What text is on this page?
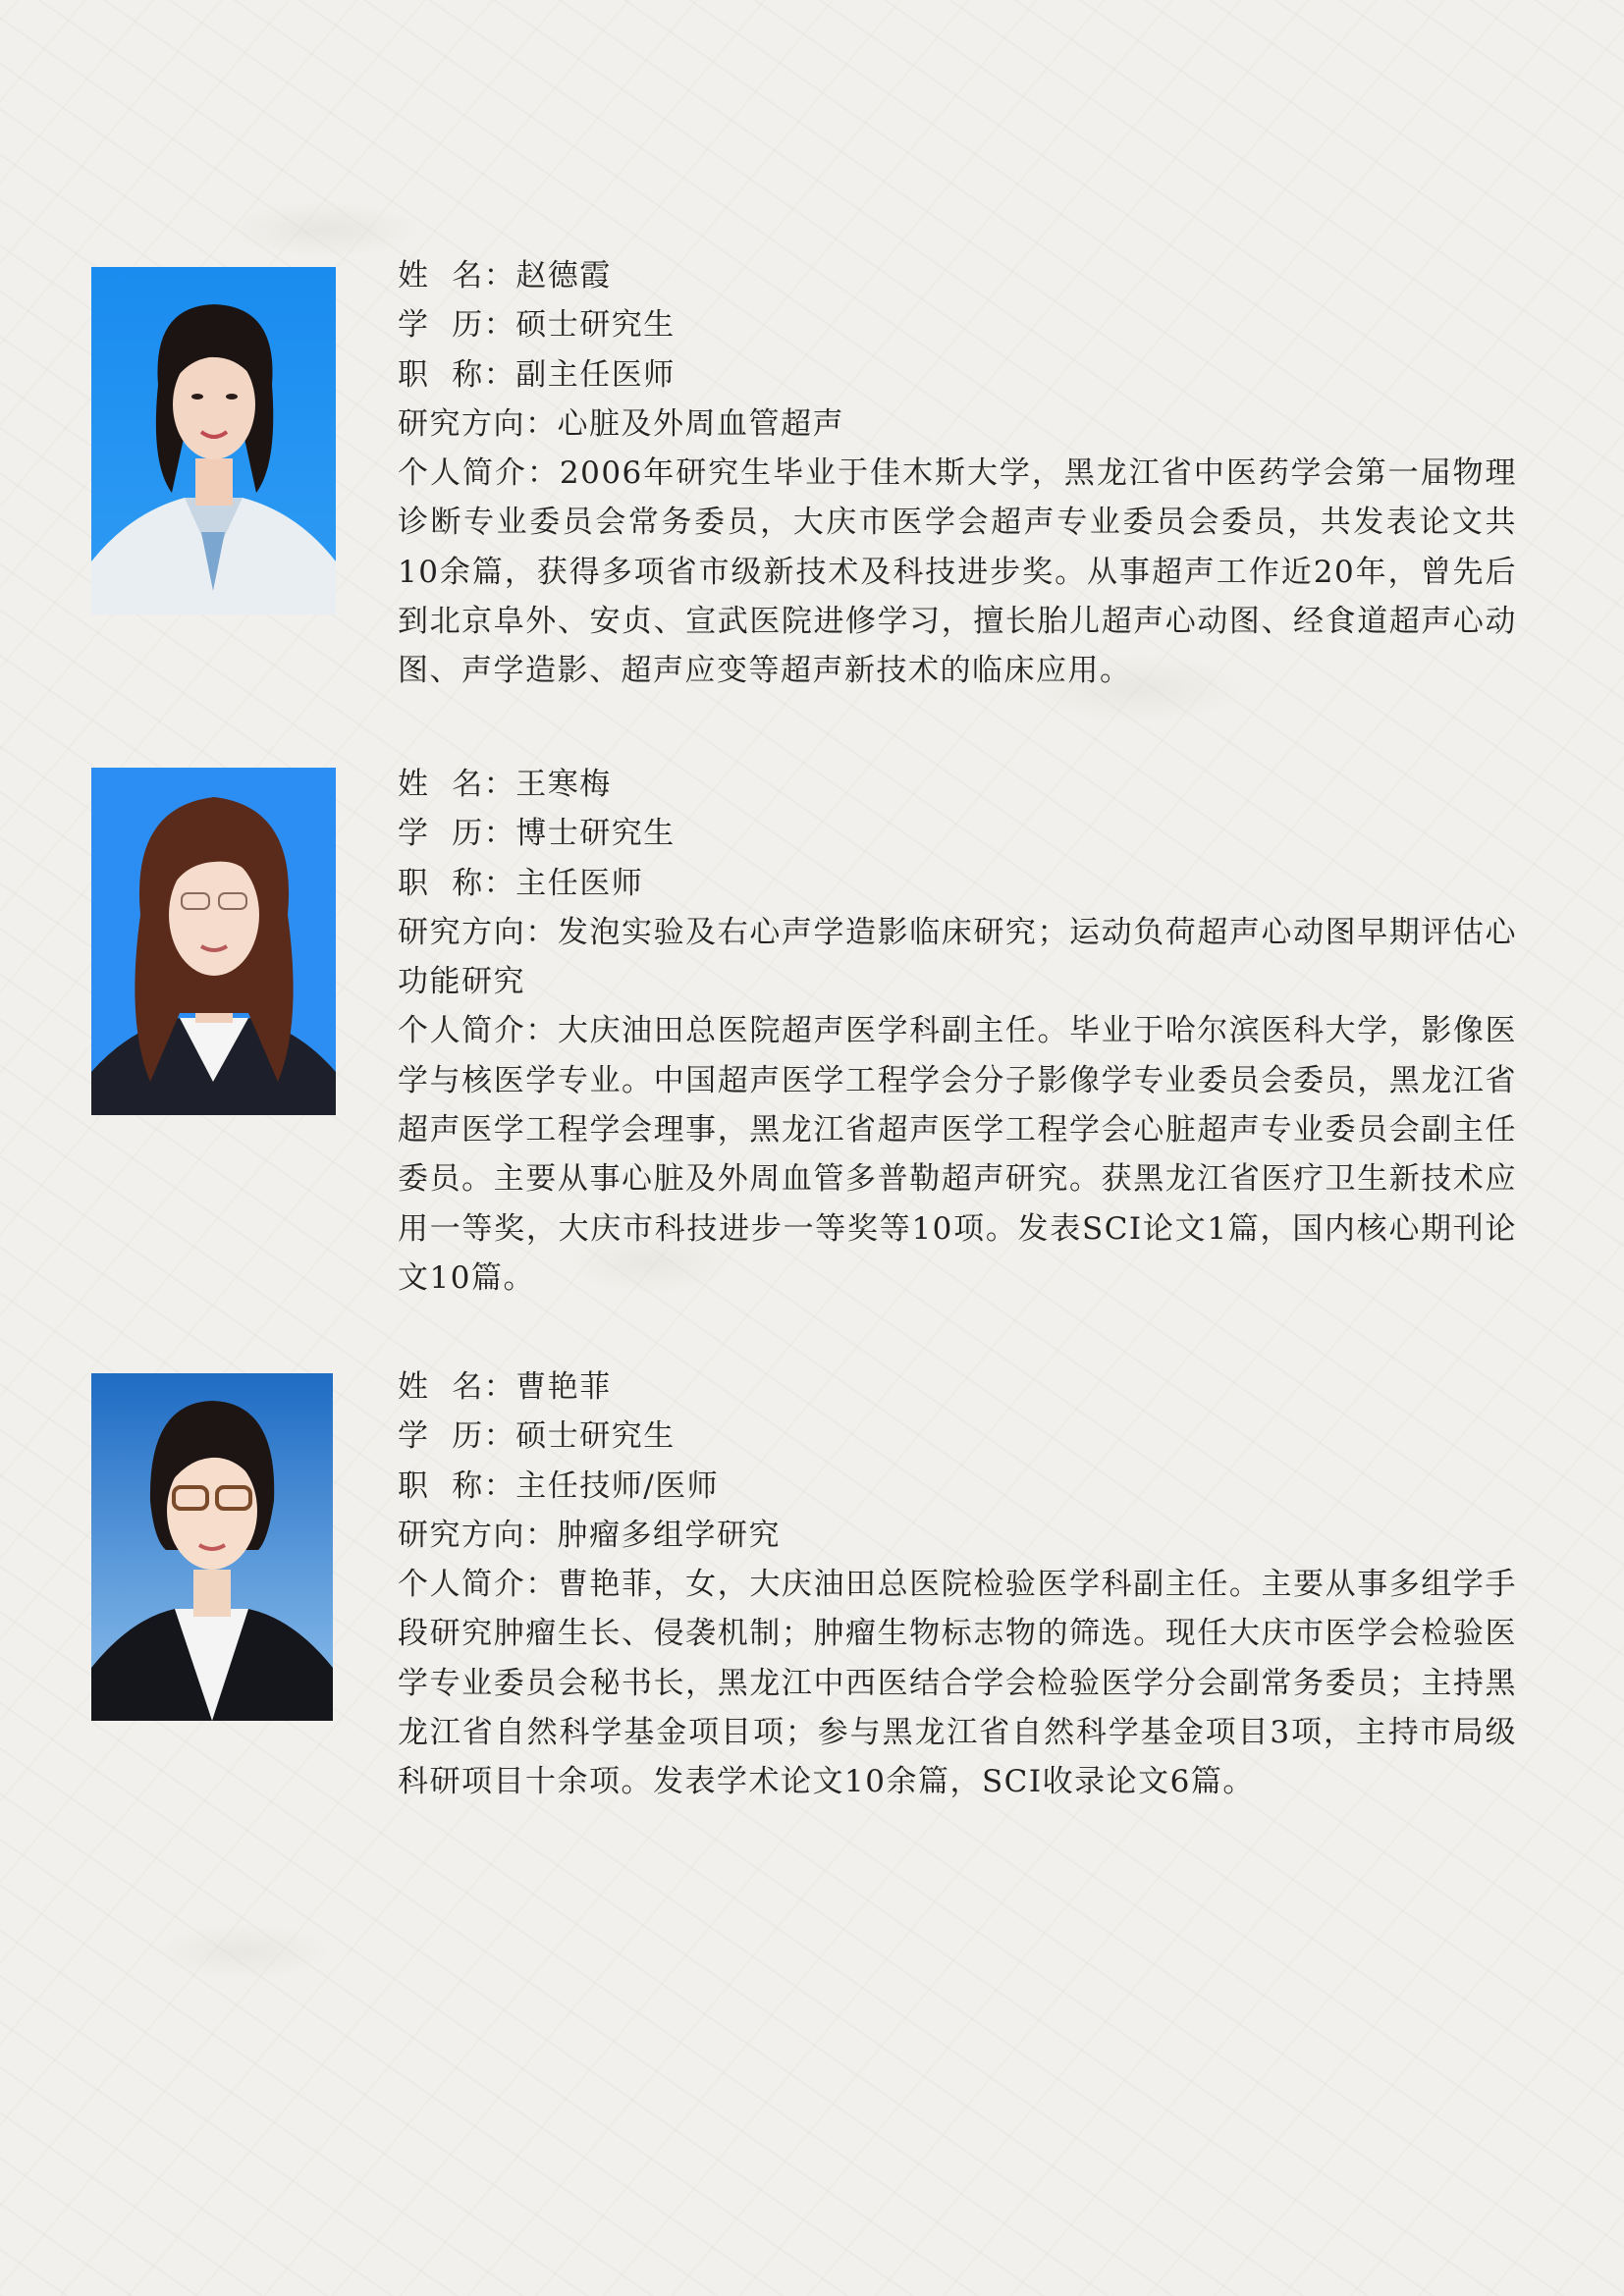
姓  名：赵德霞

学  历：硕士研究生

职  称：副主任医师

研究方向：心脏及外周血管超声

个人简介：2006年研究生毕业于佳木斯大学，黑龙江省中医药学会第一届物理诊断专业委员会常务委员，大庆市医学会超声专业委员会委员，共发表论文共10余篇，获得多项省市级新技术及科技进步奖。从事超声工作近20年，曾先后到北京阜外、安贞、宣武医院进修学习，擅长胎儿超声心动图、经食道超声心动图、声学造影、超声应变等超声新技术的临床应用。

姓  名：王寒梅

学  历：博士研究生

职  称：主任医师

研究方向：发泡实验及右心声学造影临床研究；运动负荷超声心动图早期评估心功能研究

个人简介：大庆油田总医院超声医学科副主任。毕业于哈尔滨医科大学，影像医学与核医学专业。中国超声医学工程学会分子影像学专业委员会委员，黑龙江省超声医学工程学会理事，黑龙江省超声医学工程学会心脏超声专业委员会副主任委员。主要从事心脏及外周血管多普勒超声研究。获黑龙江省医疗卫生新技术应用一等奖，大庆市科技进步一等奖等10项。发表SCI论文1篇，国内核心期刊论文10篇。

姓  名：曹艳菲

学  历：硕士研究生

职  称：主任技师/医师

研究方向：肿瘤多组学研究

个人简介：曹艳菲，女，大庆油田总医院检验医学科副主任。主要从事多组学手段研究肿瘤生长、侵袭机制；肿瘤生物标志物的筛选。现任大庆市医学会检验医学专业委员会秘书长，黑龙江中西医结合学会检验医学分会副常务委员；主持黑龙江省自然科学基金项目项；参与黑龙江省自然科学基金项目3项，主持市局级科研项目十余项。发表学术论文10余篇，SCI收录论文6篇。
